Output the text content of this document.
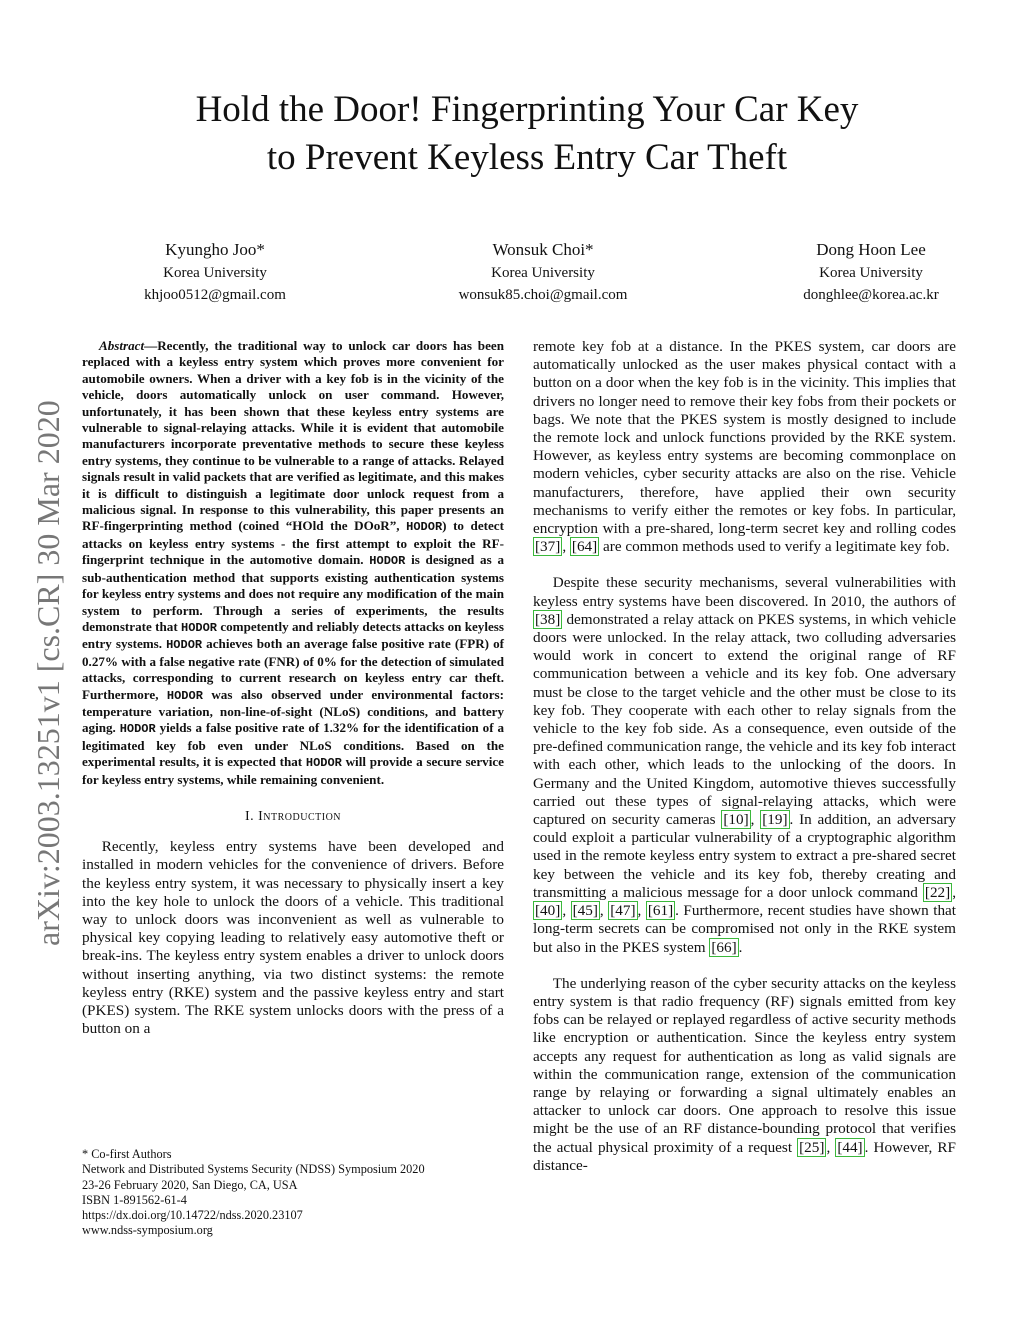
arXiv:2003.13251v1 [cs.CR] 30 Mar 2020
Hold the Door! Fingerprinting Your Car Key
to Prevent Keyless Entry Car Theft
Kyungho Joo*
Korea University
khjoo0512@gmail.com
Wonsuk Choi*
Korea University
wonsuk85.choi@gmail.com
Dong Hoon Lee
Korea University
donghlee@korea.ac.kr

Abstract—Recently, the traditional way to unlock car doors has been replaced with a keyless entry system which proves more convenient for automobile owners. When a driver with a key fob is in the vicinity of the vehicle, doors automatically unlock on user command. However, unfortunately, it has been shown that these keyless entry systems are vulnerable to signal-relaying attacks. While it is evident that automobile manufacturers incorporate preventative methods to secure these keyless entry systems, they continue to be vulnerable to a range of attacks. Relayed signals result in valid packets that are verified as legitimate, and this makes it is difficult to distinguish a legitimate door unlock request from a malicious signal. In response to this vulnerability, this paper presents an RF-fingerprinting method (coined “HOld the DOoR”, HODOR) to detect attacks on keyless entry systems - the first attempt to exploit the RF-fingerprint technique in the automotive domain. HODOR is designed as a sub-authentication method that supports existing authentication systems for keyless entry systems and does not require any modification of the main system to perform. Through a series of experiments, the results demonstrate that HODOR competently and reliably detects attacks on keyless entry systems. HODOR achieves both an average false positive rate (FPR) of 0.27% with a false negative rate (FNR) of 0% for the detection of simulated attacks, corresponding to current research on keyless entry car theft. Furthermore, HODOR was also observed under environmental factors: temperature variation, non-line-of-sight (NLoS) conditions, and battery aging. HODOR yields a false positive rate of 1.32% for the identification of a legitimated key fob even under NLoS conditions. Based on the experimental results, it is expected that HODOR will provide a secure service for keyless entry systems, while remaining convenient.

I. Introduction

Recently, keyless entry systems have been developed and installed in modern vehicles for the convenience of drivers. Before the keyless entry system, it was necessary to physically insert a key into the key hole to unlock the doors of a vehicle. This traditional way to unlock doors was inconvenient as well as vulnerable to physical key copying leading to relatively easy automotive theft or break-ins. The keyless entry system enables a driver to unlock doors without inserting anything, via two distinct systems: the remote keyless entry (RKE) system and the passive keyless entry and start (PKES) system. The RKE system unlocks doors with the press of a button on a

remote key fob at a distance. In the PKES system, car doors are automatically unlocked as the user makes physical contact with a button on a door when the key fob is in the vicinity. This implies that drivers no longer need to remove their key fobs from their pockets or bags. We note that the PKES system is mostly designed to include the remote lock and unlock functions provided by the RKE system. However, as keyless entry systems are becoming commonplace on modern vehicles, cyber security attacks are also on the rise. Vehicle manufacturers, therefore, have applied their own security mechanisms to verify either the remotes or key fobs. In particular, encryption with a pre-shared, long-term secret key and rolling codes [37] , [64] are common methods used to verify a legitimate key fob.

Despite these security mechanisms, several vulnerabilities with keyless entry systems have been discovered. In 2010, the authors of [38] demonstrated a relay attack on PKES systems, in which vehicle doors were unlocked. In the relay attack, two colluding adversaries would work in concert to extend the original range of RF communication between a vehicle and its key fob. One adversary must be close to the target vehicle and the other must be close to its key fob. They cooperate with each other to relay signals from the vehicle to the key fob side. As a consequence, even outside of the pre-defined communication range, the vehicle and its key fob interact with each other, which leads to the unlocking of the doors. In Germany and the United Kingdom, automotive thieves successfully carried out these types of signal-relaying attacks, which were captured on security cameras [10] , [19] . In addition, an adversary could exploit a particular vulnerability of a cryptographic algorithm used in the remote keyless entry system to extract a pre-shared secret key between the vehicle and its key fob, thereby creating and transmitting a malicious message for a door unlock command [22] , [40] , [45] , [47] , [61] . Furthermore, recent studies have shown that long-term secrets can be compromised not only in the RKE system but also in the PKES system [66] .

The underlying reason of the cyber security attacks on the keyless entry system is that radio frequency (RF) signals emitted from key fobs can be relayed or replayed regardless of active security methods like encryption or authentication. Since the keyless entry system accepts any request for authentication as long as valid signals are within the communication range, extension of the communication range by relaying or forwarding a signal ultimately enables an attacker to unlock car doors. One approach to resolve this issue might be the use of an RF distance-bounding protocol that verifies the actual physical proximity of a request [25] , [44] . However, RF distance-

* Co-first Authors
Network and Distributed Systems Security (NDSS) Symposium 2020
23-26 February 2020, San Diego, CA, USA
ISBN 1-891562-61-4
https://dx.doi.org/10.14722/ndss.2020.23107
www.ndss-symposium.org
